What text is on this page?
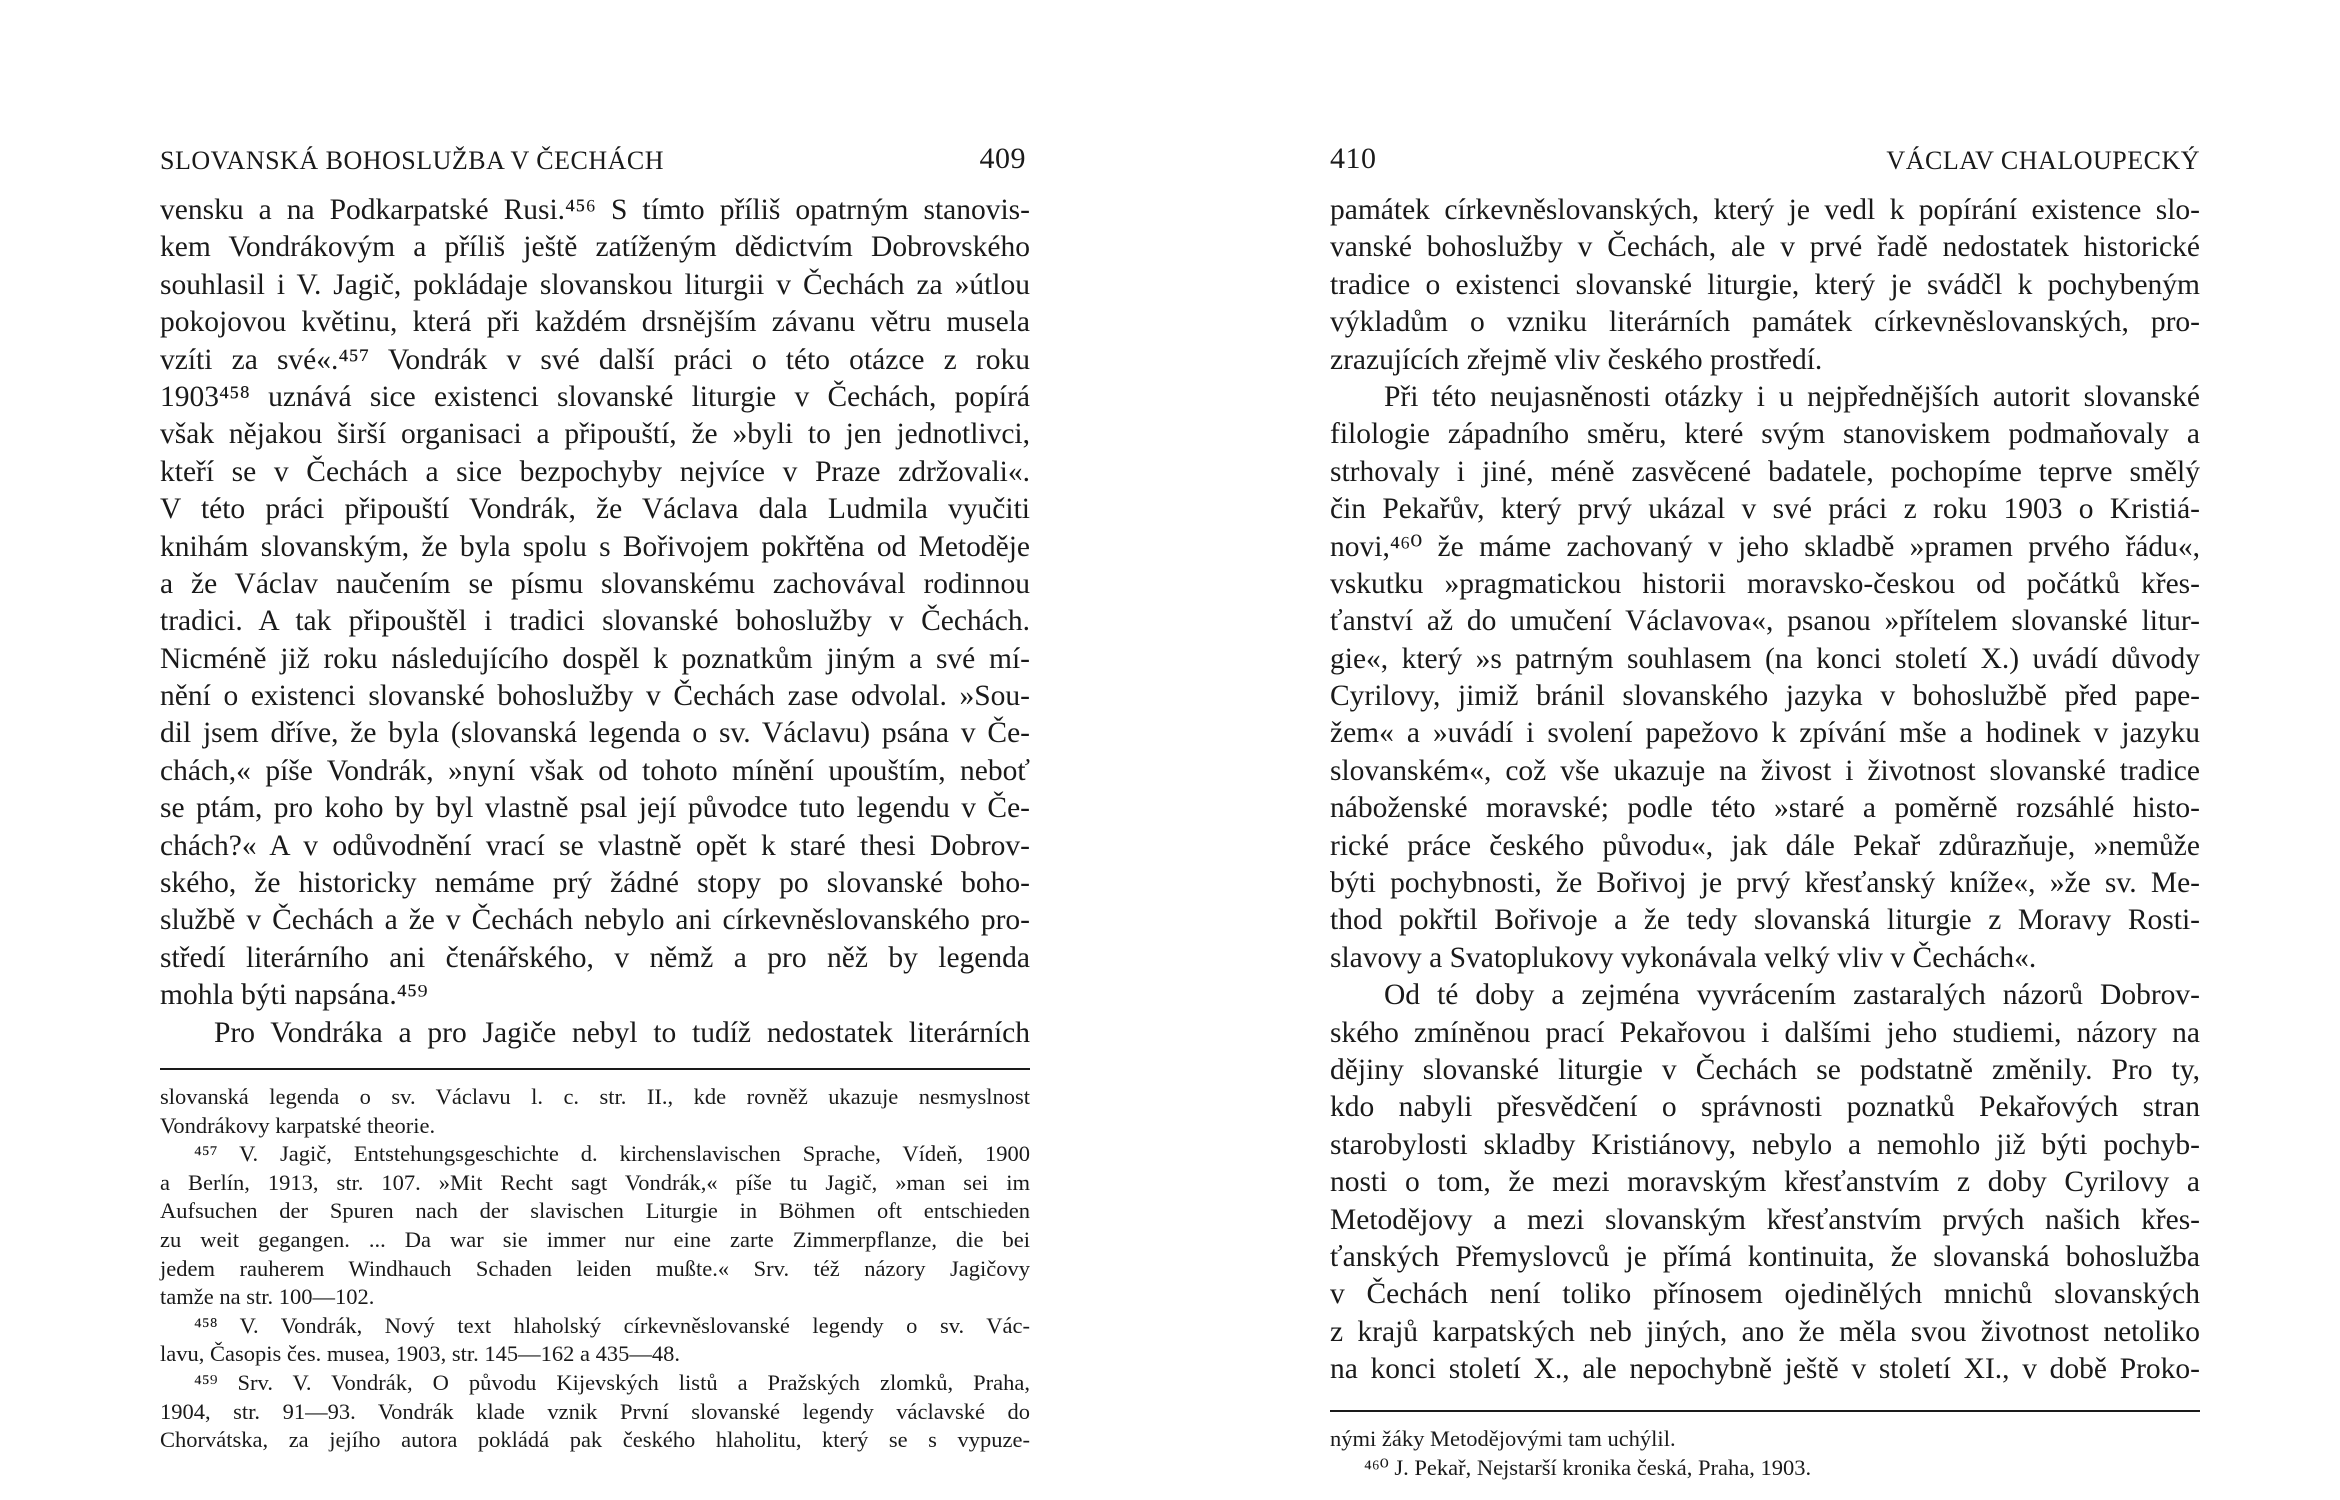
SLOVANSKÁ BOHOSLUŽBA V ČECHÁCH	409
vensku a na Podkarpatské Rusi.⁴⁵⁶ S tímto příliš opatrným stanovis-
kem Vondrákovým a příliš ještě zatíženým dědictvím Dobrovského
souhlasil i V. Jagič, pokládaje slovanskou liturgii v Čechách za »útlou
pokojovou květinu, která při každém drsnějším závanu větru musela
vzíti za své«.⁴⁵⁷ Vondrák v své další práci o této otázce z roku
1903⁴⁵⁸ uznává sice existenci slovanské liturgie v Čechách, popírá
však nějakou širší organisaci a připouští, že »byli to jen jednotlivci,
kteří se v Čechách a sice bezpochyby nejvíce v Praze zdržovali«.
V této práci připouští Vondrák, že Václava dala Ludmila vyučiti
knihám slovanským, že byla spolu s Bořivojem pokřtěna od Metoděje
a že Václav naučením se písmu slovanskému zachovával rodinnou
tradici. A tak připouštěl i tradici slovanské bohoslužby v Čechách.
Nicméně již roku následujícího dospěl k poznatkům jiným a své mí-
nění o existenci slovanské bohoslužby v Čechách zase odvolal. »Sou-
dil jsem dříve, že byla (slovanská legenda o sv. Václavu) psána v Če-
chách,« píše Vondrák, »nyní však od tohoto mínění upouštím, neboť
se ptám, pro koho by byl vlastně psal její původce tuto legendu v Če-
chách?« A v odůvodnění vrací se vlastně opět k staré thesi Dobrov-
ského, že historicky nemáme prý žádné stopy po slovanské boho-
službě v Čechách a že v Čechách nebylo ani církevněslovanského pro-
středí literárního ani čtenářského, v němž a pro něž by legenda
mohla býti napsána.⁴⁵⁹
Pro Vondráka a pro Jagiče nebyl to tudíž nedostatek literárních
slovanská legenda o sv. Václavu l. c. str. II., kde rovněž ukazuje nesmyslnost
Vondrákovy karpatské theorie.
⁴⁵⁷ V. Jagič, Entstehungsgeschichte d. kirchenslavischen Sprache, Vídeň, 1900
a Berlín, 1913, str. 107. »Mit Recht sagt Vondrák,« píše tu Jagič, »man sei im
Aufsuchen der Spuren nach der slavischen Liturgie in Böhmen oft entschieden
zu weit gegangen. ... Da war sie immer nur eine zarte Zimmerpflanze, die bei
jedem rauherem Windhauch Schaden leiden mußte.« Srv. též názory Jagičovy
tamže na str. 100—102.
⁴⁵⁸ V. Vondrák, Nový text hlaholský církevněslovanské legendy o sv. Vác-
lavu, Časopis čes. musea, 1903, str. 145—162 a 435—48.
⁴⁵⁹ Srv. V. Vondrák, O původu Kijevských listů a Pražských zlomků, Praha,
1904, str. 91—93. Vondrák klade vznik První slovanské legendy václavské do
Chorvátska, za jejího autora pokládá pak českého hlaholitu, který se s vypuze-
410	VÁCLAV CHALOUPECKÝ
památek církevněslovanských, který je vedl k popírání existence slo-
vanské bohoslužby v Čechách, ale v prvé řadě nedostatek historické
tradice o existenci slovanské liturgie, který je svádčl k pochybeným
výkladům o vzniku literárních památek církevněslovanských, pro-
zrazujících zřejmě vliv českého prostředí.
Při této neujasněnosti otázky i u nejpřednějších autorit slovanské
filologie západního směru, které svým stanoviskem podmaňovaly a
strhovaly i jiné, méně zasvěcené badatele, pochopíme teprve smělý
čin Pekařův, který prvý ukázal v své práci z roku 1903 o Kristiá-
novi,⁴⁶⁰ že máme zachovaný v jeho skladbě »pramen prvého řádu«,
vskutku »pragmatickou historii moravsko-českou od počátků křes-
ťanství až do umučení Václavova«, psanou »přítelem slovanské litur-
gie«, který »s patrným souhlasem (na konci století X.) uvádí důvody
Cyrilovy, jimiž bránil slovanského jazyka v bohoslužbě před pape-
žem« a »uvádí i svolení papežovo k zpívání mše a hodinek v jazyku
slovanském«, což vše ukazuje na živost i životnost slovanské tradice
náboženské moravské; podle této »staré a poměrně rozsáhlé histo-
rické práce českého původu«, jak dále Pekař zdůrazňuje, »nemůže
býti pochybnosti, že Bořivoj je prvý křesťanský kníže«, »že sv. Me-
thod pokřtil Bořivoje a že tedy slovanská liturgie z Moravy Rosti-
slavovy a Svatoplukovy vykonávala velký vliv v Čechách«.
Od té doby a zejména vyvrácením zastaralých názorů Dobrov-
ského zmíněnou prací Pekařovou i dalšími jeho studiemi, názory na
dějiny slovanské liturgie v Čechách se podstatně změnily. Pro ty,
kdo nabyli přesvědčení o správnosti poznatků Pekařových stran
starobylosti skladby Kristiánovy, nebylo a nemohlo již býti pochyb-
nosti o tom, že mezi moravským křesťanstvím z doby Cyrilovy a
Metodějovy a mezi slovanským křesťanstvím prvých našich křes-
ťanských Přemyslovců je přímá kontinuita, že slovanská bohoslužba
v Čechách není toliko přínosem ojedinělých mnichů slovanských
z krajů karpatských neb jiných, ano že měla svou životnost netoliko
na konci století X., ale nepochybně ještě v století XI., v době Proko-
nými žáky Metodějovými tam uchýlil.
⁴⁶⁰ J. Pekař, Nejstarší kronika česká, Praha, 1903.
